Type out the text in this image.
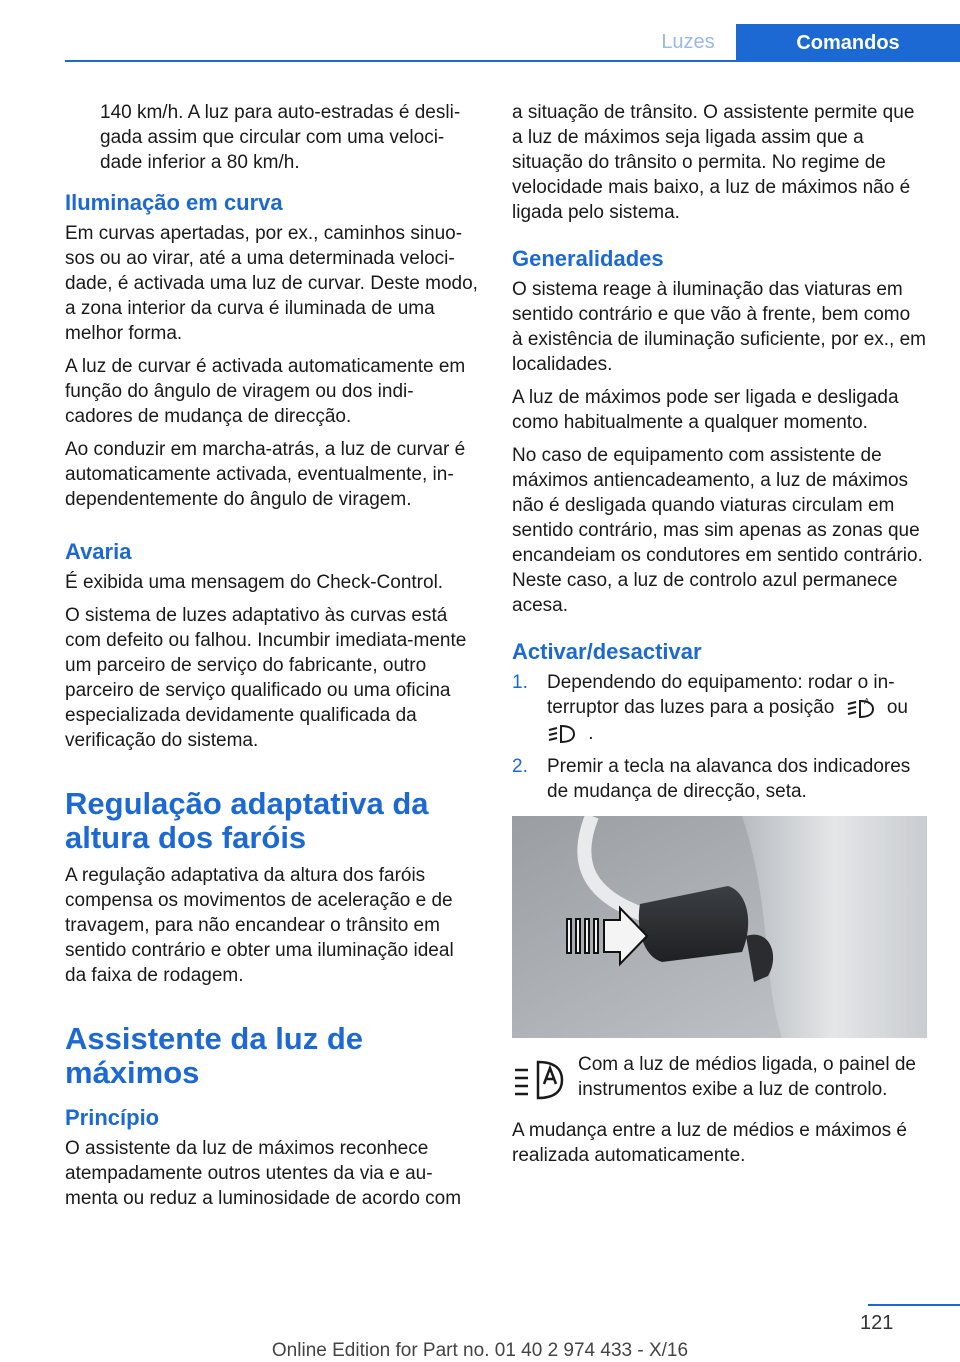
Luzes	Comandos

140 km/h. A luz para auto-estradas é desli-gada assim que circular com uma veloci-dade inferior a 80 km/h.

Iluminação em curva

Em curvas apertadas, por ex., caminhos sinuo-sos ou ao virar, até a uma determinada veloci-dade, é activada uma luz de curvar. Deste modo, a zona interior da curva é iluminada de uma melhor forma.

A luz de curvar é activada automaticamente em função do ângulo de viragem ou dos indi-cadores de mudança de direcção.

Ao conduzir em marcha-atrás, a luz de curvar é automaticamente activada, eventualmente, in-dependentemente do ângulo de viragem.

Avaria

É exibida uma mensagem do Check-Control.

O sistema de luzes adaptativo às curvas está com defeito ou falhou. Incumbir imediata-mente um parceiro de serviço do fabricante, outro parceiro de serviço qualificado ou uma oficina especializada devidamente qualificada da verificação do sistema.

Regulação adaptativa da altura dos faróis

A regulação adaptativa da altura dos faróis compensa os movimentos de aceleração e de travagem, para não encandear o trânsito em sentido contrário e obter uma iluminação ideal da faixa de rodagem.

Assistente da luz de máximos
Princípio

O assistente da luz de máximos reconhece atempadamente outros utentes da via e au-menta ou reduz a luminosidade de acordo com

a situação de trânsito. O assistente permite que a luz de máximos seja ligada assim que a situação do trânsito o permita. No regime de velocidade mais baixo, a luz de máximos não é ligada pelo sistema.

Generalidades

O sistema reage à iluminação das viaturas em sentido contrário e que vão à frente, bem como à existência de iluminação suficiente, por ex., em localidades.

A luz de máximos pode ser ligada e desligada como habitualmente a qualquer momento.

No caso de equipamento com assistente de máximos antiencadeamento, a luz de máximos não é desligada quando viaturas circulam em sentido contrário, mas sim apenas as zonas que encandeiam os condutores em sentido contrário. Neste caso, a luz de controlo azul permanece acesa.

Activar/desactivar
1.	Dependendo do equipamento: rodar o in-terruptor das luzes para a posição	A ou
.
2.	Premir a tecla na alavanca dos indicadores de mudança de direcção, seta.
Com a luz de médios ligada, o painel de instrumentos exibe a luz de controlo.

A mudança entre a luz de médios e máximos é realizada automaticamente.

121
Online Edition for Part no. 01 40 2 974 433 - X/16
